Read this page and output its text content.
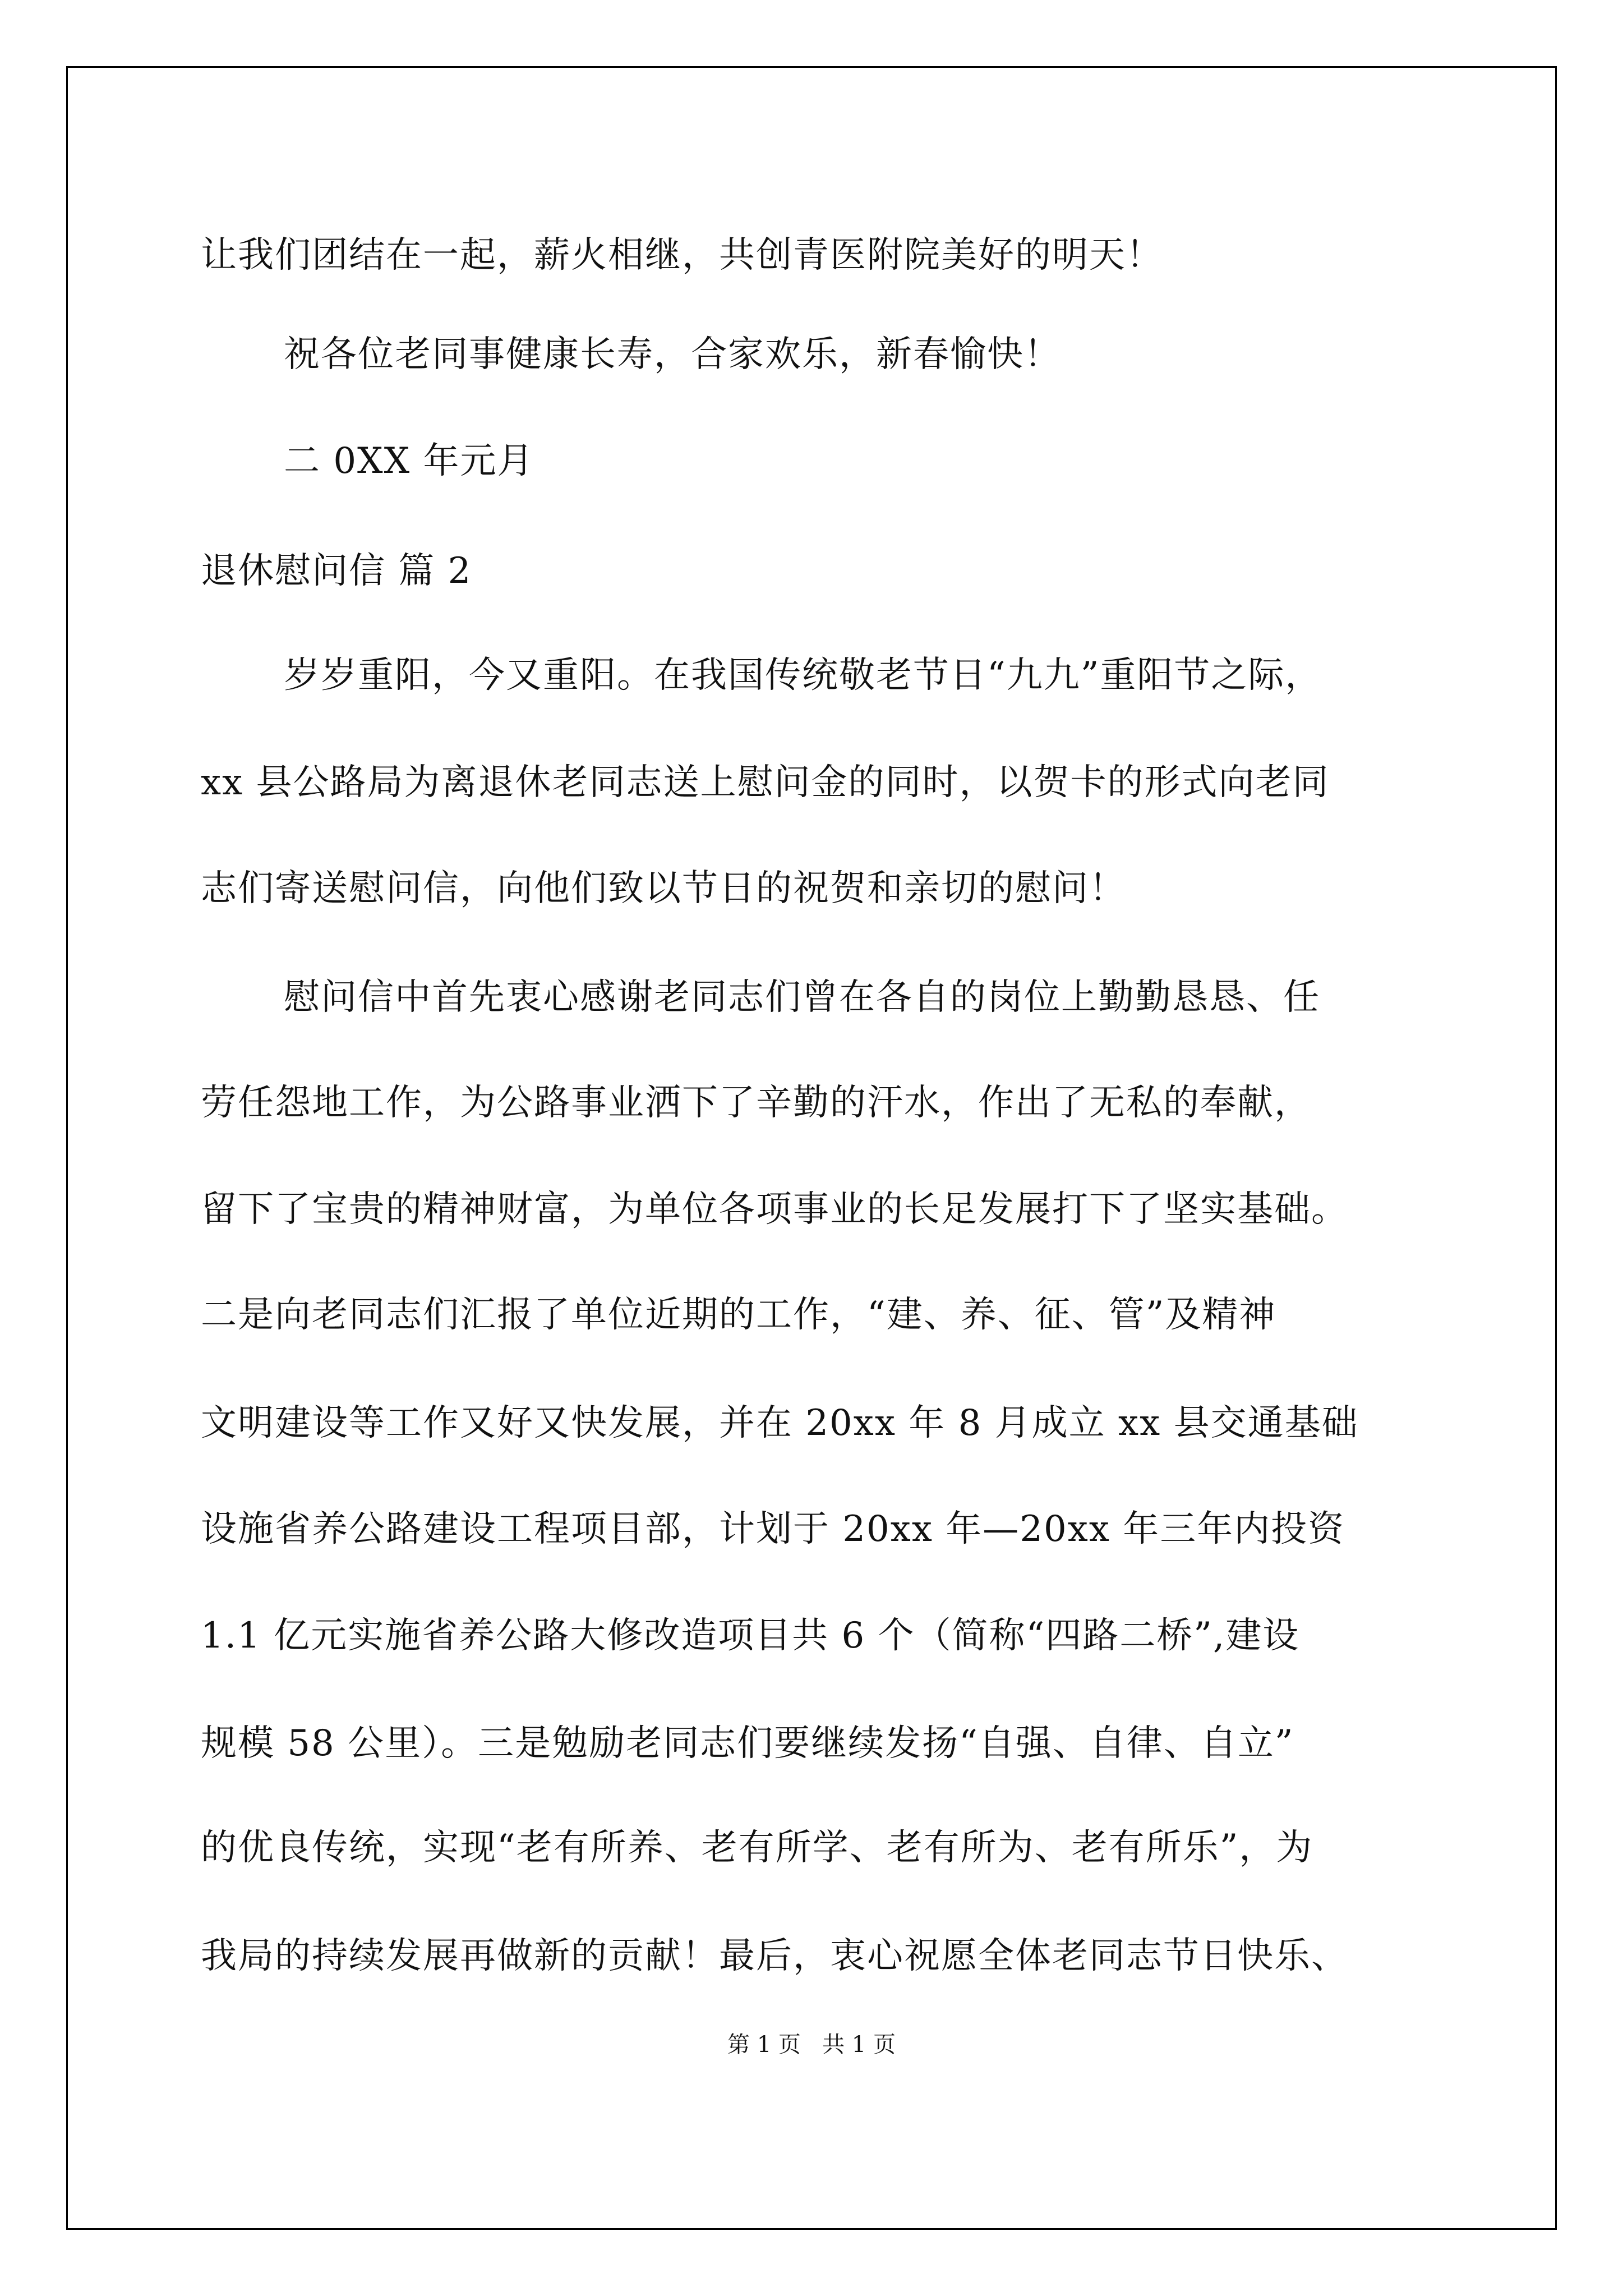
让我们团结在一起，薪火相继，共创青医附院美好的明天！
祝各位老同事健康长寿，合家欢乐，新春愉快！
二 0XX 年元月
退休慰问信 篇 2
岁岁重阳，今又重阳。在我国传统敬老节日“九九”重阳节之际，
xx 县公路局为离退休老同志送上慰问金的同时，以贺卡的形式向老同
志们寄送慰问信，向他们致以节日的祝贺和亲切的慰问！
慰问信中首先衷心感谢老同志们曾在各自的岗位上勤勤恳恳、任
劳任怨地工作，为公路事业洒下了辛勤的汗水，作出了无私的奉献，
留下了宝贵的精神财富，为单位各项事业的长足发展打下了坚实基础。
二是向老同志们汇报了单位近期的工作，“建、养、征、管”及精神
文明建设等工作又好又快发展，并在 20xx 年 8 月成立 xx 县交通基础
设施省养公路建设工程项目部，计划于 20xx 年—20xx 年三年内投资
1.1 亿元实施省养公路大修改造项目共 6 个（简称“四路二桥”,建设
规模 58 公里）。三是勉励老同志们要继续发扬“自强、自律、自立”
的优良传统，实现“老有所养、老有所学、老有所为、老有所乐”，为
我局的持续发展再做新的贡献！最后，衷心祝愿全体老同志节日快乐、
第 1 页   共 1 页
